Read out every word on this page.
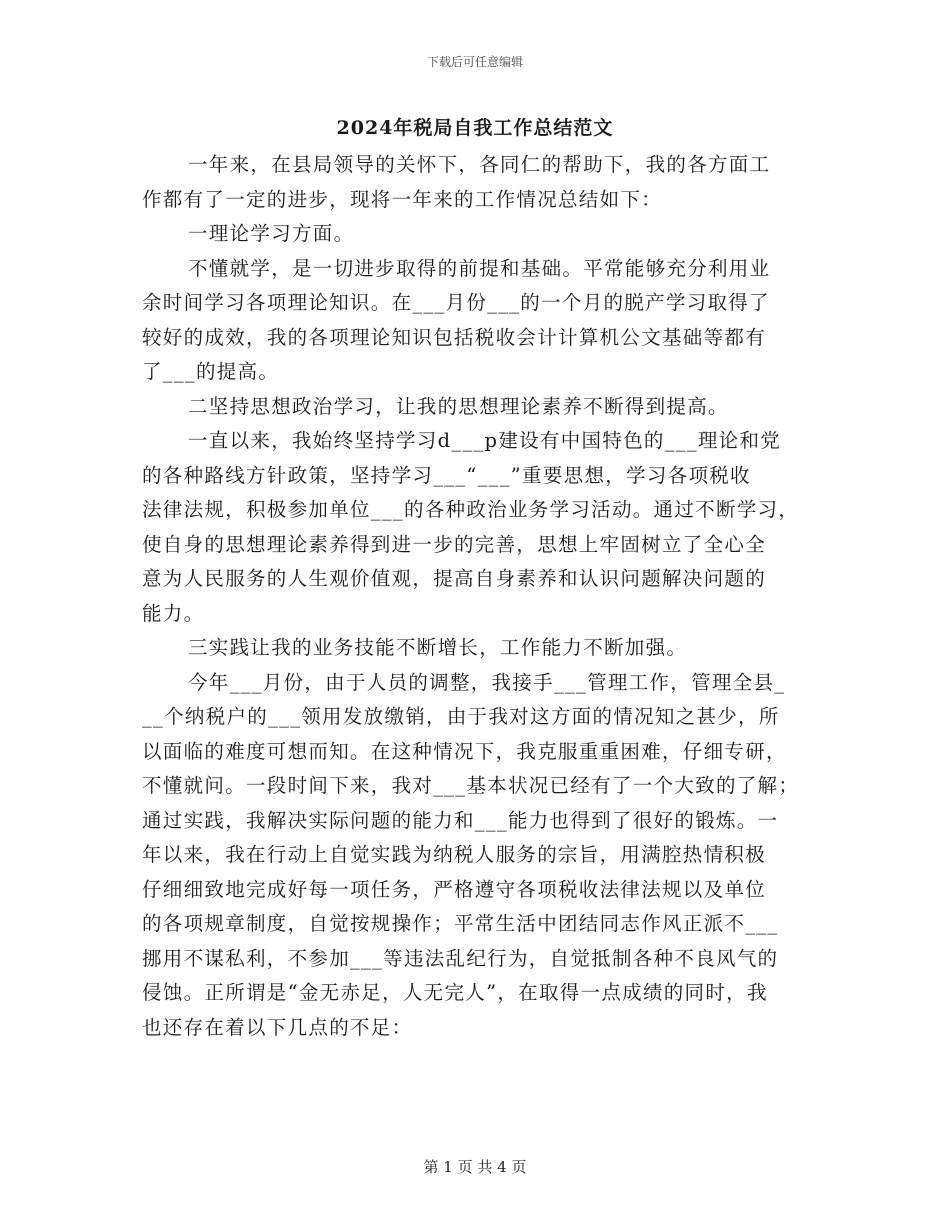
下载后可任意编辑
2024年税局自我工作总结范文

一年来，在县局领导的关怀下，各同仁的帮助下，我的各方面工
作都有了一定的进步，现将一年来的工作情况总结如下：

一理论学习方面。

不懂就学，是一切进步取得的前提和基础。平常能够充分利用业
余时间学习各项理论知识。在___月份___的一个月的脱产学习取得了
较好的成效，我的各项理论知识包括税收会计计算机公文基础等都有
了___的提高。

二坚持思想政治学习，让我的思想理论素养不断得到提高。

一直以来，我始终坚持学习d___p建设有中国特色的___理论和党
的各种路线方针政策，坚持学习___“___”重要思想，学习各项税收
法律法规，积极参加单位___的各种政治业务学习活动。通过不断学习，
使自身的思想理论素养得到进一步的完善，思想上牢固树立了全心全
意为人民服务的人生观价值观，提高自身素养和认识问题解决问题的
能力。

三实践让我的业务技能不断增长，工作能力不断加强。

今年___月份，由于人员的调整，我接手___管理工作，管理全县_
__个纳税户的___领用发放缴销，由于我对这方面的情况知之甚少，所
以面临的难度可想而知。在这种情况下，我克服重重困难，仔细专研，
不懂就问。一段时间下来，我对___基本状况已经有了一个大致的了解；
通过实践，我解决实际问题的能力和___能力也得到了很好的锻炼。一
年以来，我在行动上自觉实践为纳税人服务的宗旨，用满腔热情积极
仔细细致地完成好每一项任务，严格遵守各项税收法律法规以及单位
的各项规章制度，自觉按规操作；平常生活中团结同志作风正派不___
挪用不谋私利，不参加___等违法乱纪行为，自觉抵制各种不良风气的
侵蚀。正所谓是“金无赤足，人无完人”，在取得一点成绩的同时，我
也还存在着以下几点的不足：

第 1 页 共 4 页
